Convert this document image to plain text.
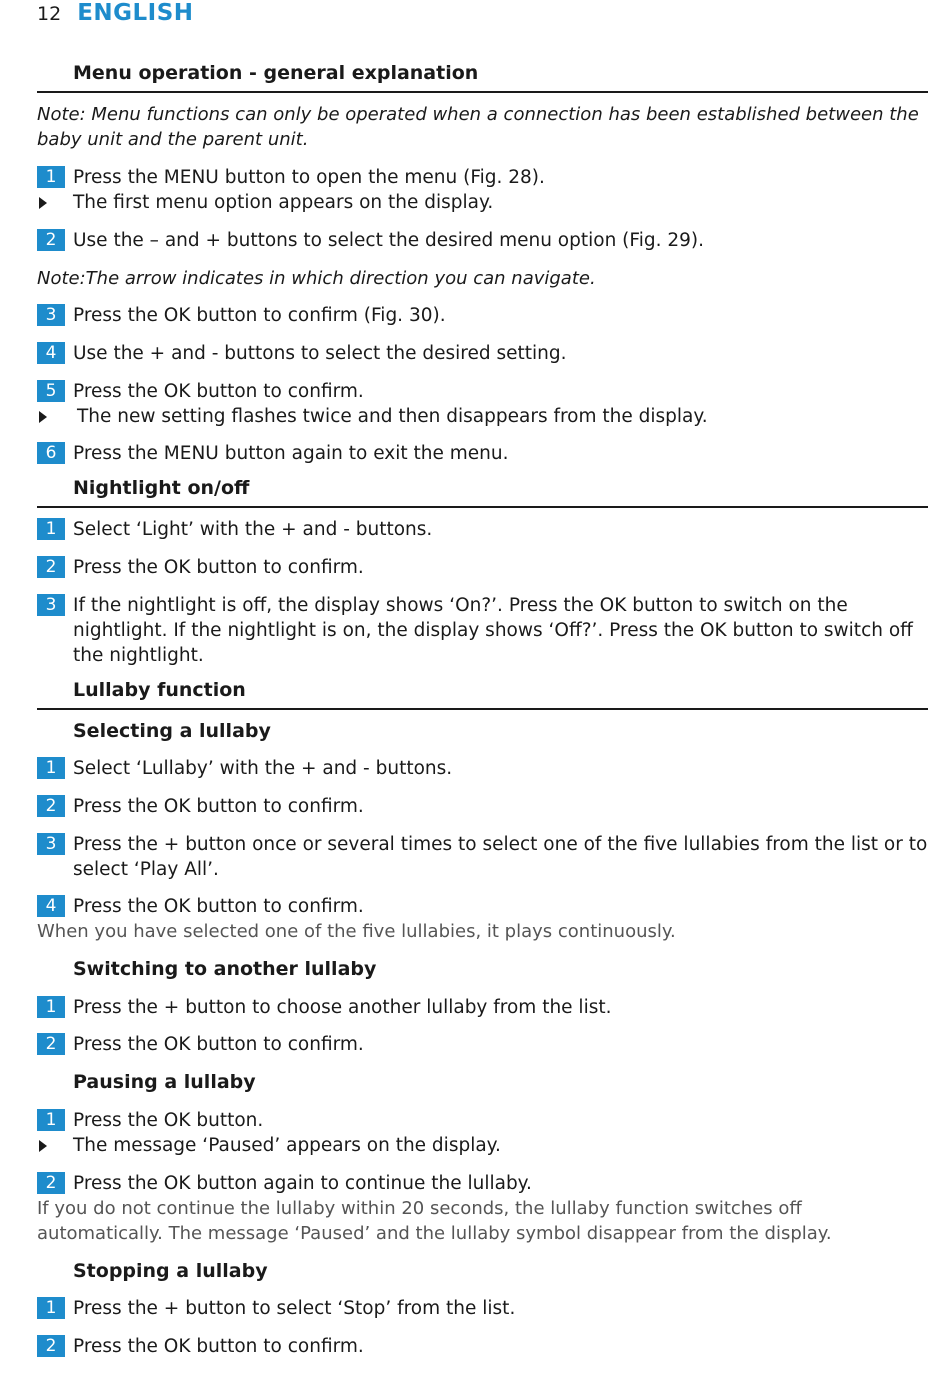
12 ENGLISH
Menu operation - general explanation
Note: Menu functions can only be operated when a connection has been established between the baby unit and the parent unit.
1 Press the MENU button to open the menu (Fig. 28).
The first menu option appears on the display.
2 Use the – and + buttons to select the desired menu option (Fig. 29).
Note:The arrow indicates in which direction you can navigate.
3 Press the OK button to confirm (Fig. 30).
4 Use the + and - buttons to select the desired setting.
5 Press the OK button to confirm.
The new setting flashes twice and then disappears from the display.
6 Press the MENU button again to exit the menu.
Nightlight on/off
1 Select ‘Light’ with the + and - buttons.
2 Press the OK button to confirm.
3 If the nightlight is off, the display shows ‘On?’. Press the OK button to switch on the nightlight. If the nightlight is on, the display shows ‘Off?’. Press the OK button to switch off the nightlight.
Lullaby function
Selecting a lullaby
1 Select ‘Lullaby’ with the + and - buttons.
2 Press the OK button to confirm.
3 Press the + button once or several times to select one of the five lullabies from the list or to select ‘Play All’.
4 Press the OK button to confirm.
When you have selected one of the five lullabies, it plays continuously.
Switching to another lullaby
1 Press the + button to choose another lullaby from the list.
2 Press the OK button to confirm.
Pausing a lullaby
1 Press the OK button.
The message ‘Paused’ appears on the display.
2 Press the OK button again to continue the lullaby.
If you do not continue the lullaby within 20 seconds, the lullaby function switches off automatically. The message ‘Paused’ and the lullaby symbol disappear from the display.
Stopping a lullaby
1 Press the + button to select ‘Stop’ from the list.
2 Press the OK button to confirm.
